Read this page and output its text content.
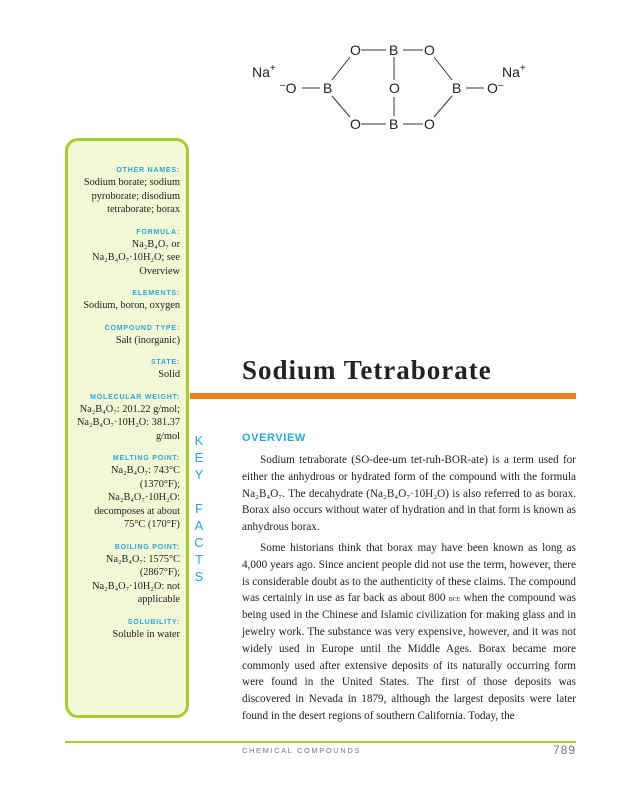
Na+	Na+
–O	O–
O B O
B	O	B
O B O
OTHER NAMES:
Sodium borate; sodium pyroborate; disodium tetraborate; borax
FORMULA:
Na₂B₄O₇ or Na₂B₄O₇·10H₂O; see Overview
ELEMENTS:
Sodium, boron, oxygen
COMPOUND TYPE:
Salt (inorganic)
STATE:
Solid
MOLECULAR WEIGHT:
Na₂B₄O₇: 201.22 g/mol; Na₂B₄O₇·10H₂O: 381.37 g/mol
MELTING POINT:
Na₂B₄O₇: 743°C (1370°F); Na₂B₄O₇·10H₂O: decomposes at about 75°C (170°F)
BOILING POINT:
Na₂B₄O₇: 1575°C (2867°F); Na₂B₄O₇·10H₂O: not applicable
SOLUBILITY:
Soluble in water
K
E
Y
F
A
C
T
S
Sodium Tetraborate
OVERVIEW

Sodium tetraborate (SO-dee-um tet-ruh-BOR-ate) is a term used for either the anhydrous or hydrated form of the compound with the formula Na₂B₄O₇. The decahydrate (Na₂B₄O₇·10H₂O) is also referred to as borax. Borax also occurs without water of hydration and in that form is known as anhydrous borax.

Some historians think that borax may have been known as long as 4,000 years ago. Since ancient people did not use the term, however, there is considerable doubt as to the authenticity of these claims. The compound was certainly in use as far back as about 800 bce when the compound was being used in the Chinese and Islamic civilization for making glass and in jewelry work. The substance was very expensive, however, and it was not widely used in Europe until the Middle Ages. Borax became more commonly used after extensive deposits of its naturally occurring form were found in the United States. The first of those deposits was discovered in Nevada in 1879, although the largest deposits were later found in the desert regions of southern California. Today, the

CHEMICAL COMPOUNDS	789
